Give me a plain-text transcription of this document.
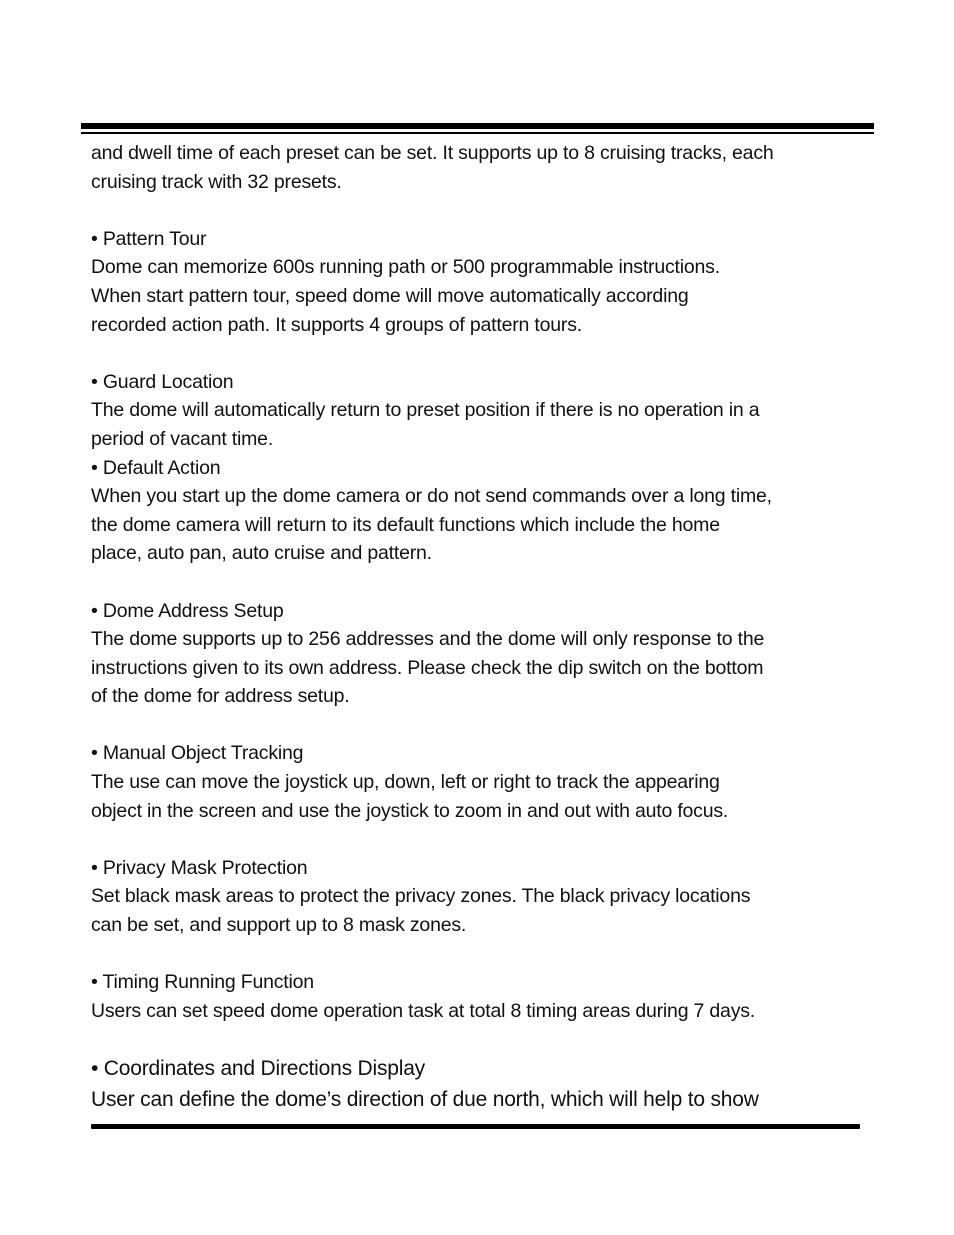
and dwell time of each preset can be set. It supports up to 8 cruising tracks, each

cruising track with 32 presets.

• Pattern Tour

Dome can memorize 600s running path or 500 programmable instructions.

When start pattern tour, speed dome will move automatically according

recorded action path. It supports 4 groups of pattern tours.

• Guard Location

The dome will automatically return to preset position if there is no operation in a

period of vacant time.

• Default Action

When you start up the dome camera or do not send commands over a long time,

the dome camera will return to its default functions which include the home

place, auto pan, auto cruise and pattern.

• Dome Address Setup

The dome supports up to 256 addresses and the dome will only response to the

instructions given to its own address. Please check the dip switch on the bottom

of the dome for address setup.

• Manual Object Tracking

The use can move the joystick up, down, left or right to track the appearing

object in the screen and use the joystick to zoom in and out with auto focus.

• Privacy Mask Protection

Set black mask areas to protect the privacy zones. The black privacy locations

can be set, and support up to 8 mask zones.

• Timing Running Function

Users can set speed dome operation task at total 8 timing areas during 7 days.

• Coordinates and Directions Display

User can define the dome’s direction of due north, which will help to show
